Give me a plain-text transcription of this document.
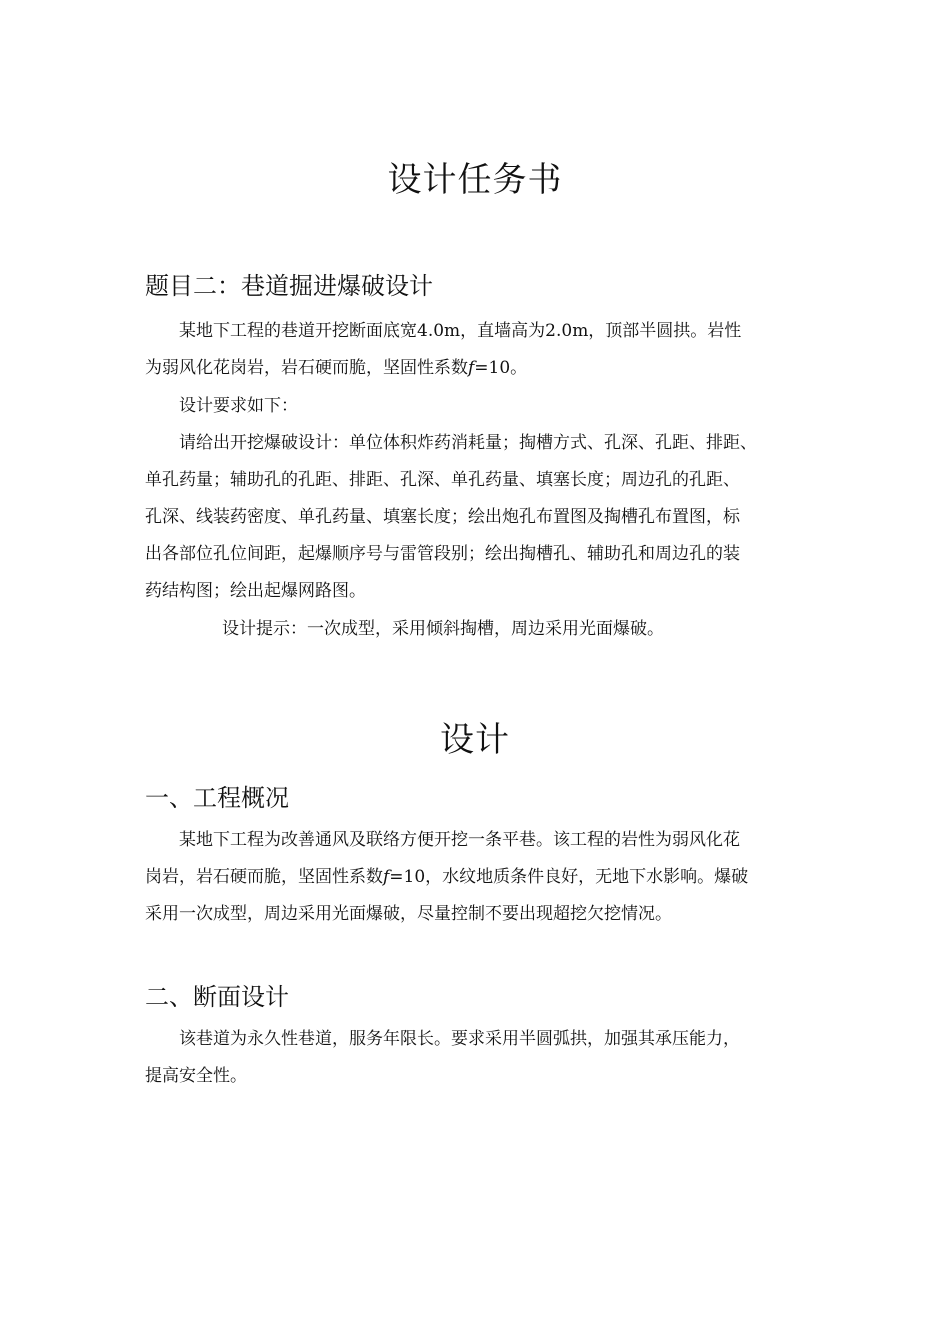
设计任务书
题目二：巷道掘进爆破设计

某地下工程的巷道开挖断面底宽4.0m，直墙高为2.0m，顶部半圆拱。岩性
为弱风化花岗岩，岩石硬而脆，坚固性系数f=10。

设计要求如下：

请给出开挖爆破设计：单位体积炸药消耗量；掏槽方式、孔深、孔距、排距、
单孔药量；辅助孔的孔距、排距、孔深、单孔药量、填塞长度；周边孔的孔距、
孔深、线装药密度、单孔药量、填塞长度；绘出炮孔布置图及掏槽孔布置图，标
出各部位孔位间距，起爆顺序号与雷管段别；绘出掏槽孔、辅助孔和周边孔的装
药结构图；绘出起爆网路图。

设计提示：一次成型，采用倾斜掏槽，周边采用光面爆破。

设计
一、工程概况

某地下工程为改善通风及联络方便开挖一条平巷。该工程的岩性为弱风化花
岗岩，岩石硬而脆，坚固性系数f=10，水纹地质条件良好，无地下水影响。爆破
采用一次成型，周边采用光面爆破，尽量控制不要出现超挖欠挖情况。

二、断面设计

该巷道为永久性巷道，服务年限长。要求采用半圆弧拱，加强其承压能力，
提高安全性。
